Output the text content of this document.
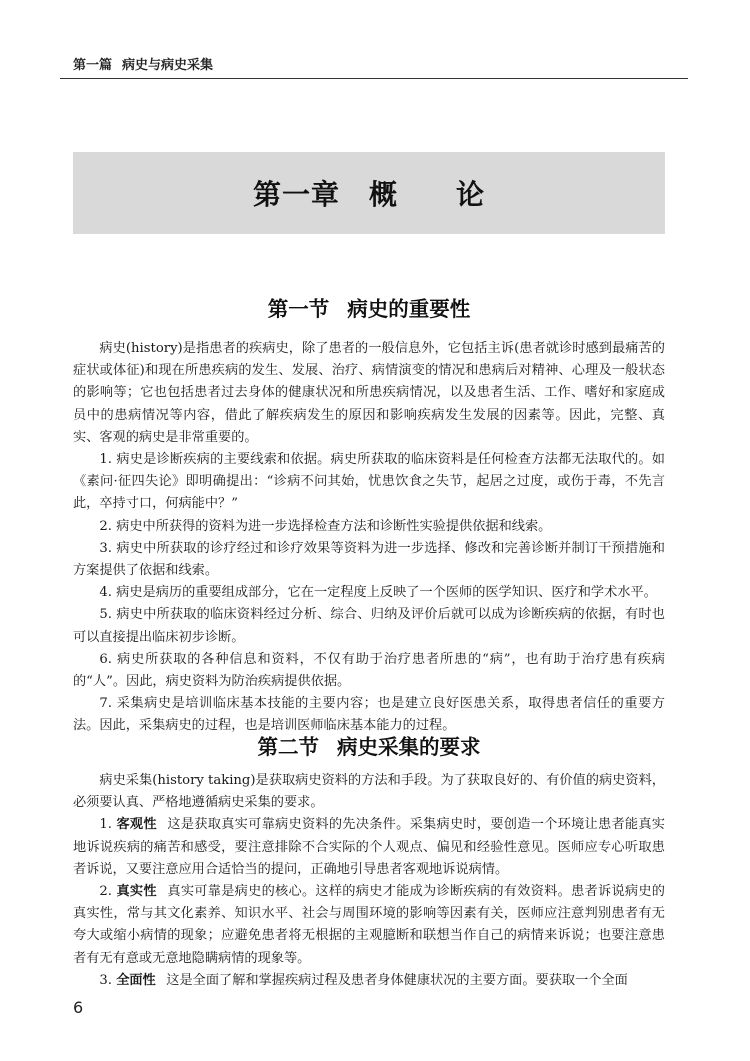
第一篇 病史与病史采集
第一章　概　　论
第一节 病史的重要性

病史(history)是指患者的疾病史，除了患者的一般信息外，它包括主诉(患者就诊时感到最痛苦的症状或体征)和现在所患疾病的发生、发展、治疗、病情演变的情况和患病后对精神、心理及一般状态的影响等；它也包括患者过去身体的健康状况和所患疾病情况，以及患者生活、工作、嗜好和家庭成员中的患病情况等内容，借此了解疾病发生的原因和影响疾病发生发展的因素等。因此，完整、真实、客观的病史是非常重要的。

1. 病史是诊断疾病的主要线索和依据。病史所获取的临床资料是任何检查方法都无法取代的。如《素问·征四失论》即明确提出：“诊病不问其始，忧患饮食之失节，起居之过度，或伤于毒，不先言此，卒持寸口，何病能中？”

2. 病史中所获得的资料为进一步选择检查方法和诊断性实验提供依据和线索。

3. 病史中所获取的诊疗经过和诊疗效果等资料为进一步选择、修改和完善诊断并制订干预措施和方案提供了依据和线索。

4. 病史是病历的重要组成部分，它在一定程度上反映了一个医师的医学知识、医疗和学术水平。

5. 病史中所获取的临床资料经过分析、综合、归纳及评价后就可以成为诊断疾病的依据，有时也可以直接提出临床初步诊断。

6. 病史所获取的各种信息和资料，不仅有助于治疗患者所患的“病”，也有助于治疗患有疾病的“人”。因此，病史资料为防治疾病提供依据。

7. 采集病史是培训临床基本技能的主要内容；也是建立良好医患关系，取得患者信任的重要方法。因此，采集病史的过程，也是培训医师临床基本能力的过程。

第二节 病史采集的要求

病史采集(history taking)是获取病史资料的方法和手段。为了获取良好的、有价值的病史资料，必须要认真、严格地遵循病史采集的要求。

1. 客观性 这是获取真实可靠病史资料的先决条件。采集病史时，要创造一个环境让患者能真实地诉说疾病的痛苦和感受，要注意排除不合实际的个人观点、偏见和经验性意见。医师应专心听取患者诉说，又要注意应用合适恰当的提问，正确地引导患者客观地诉说病情。

2. 真实性 真实可靠是病史的核心。这样的病史才能成为诊断疾病的有效资料。患者诉说病史的真实性，常与其文化素养、知识水平、社会与周围环境的影响等因素有关，医师应注意判别患者有无夸大或缩小病情的现象；应避免患者将无根据的主观臆断和联想当作自己的病情来诉说；也要注意患者有无有意或无意地隐瞒病情的现象等。

3. 全面性 这是全面了解和掌握疾病过程及患者身体健康状况的主要方面。要获取一个全面

6
